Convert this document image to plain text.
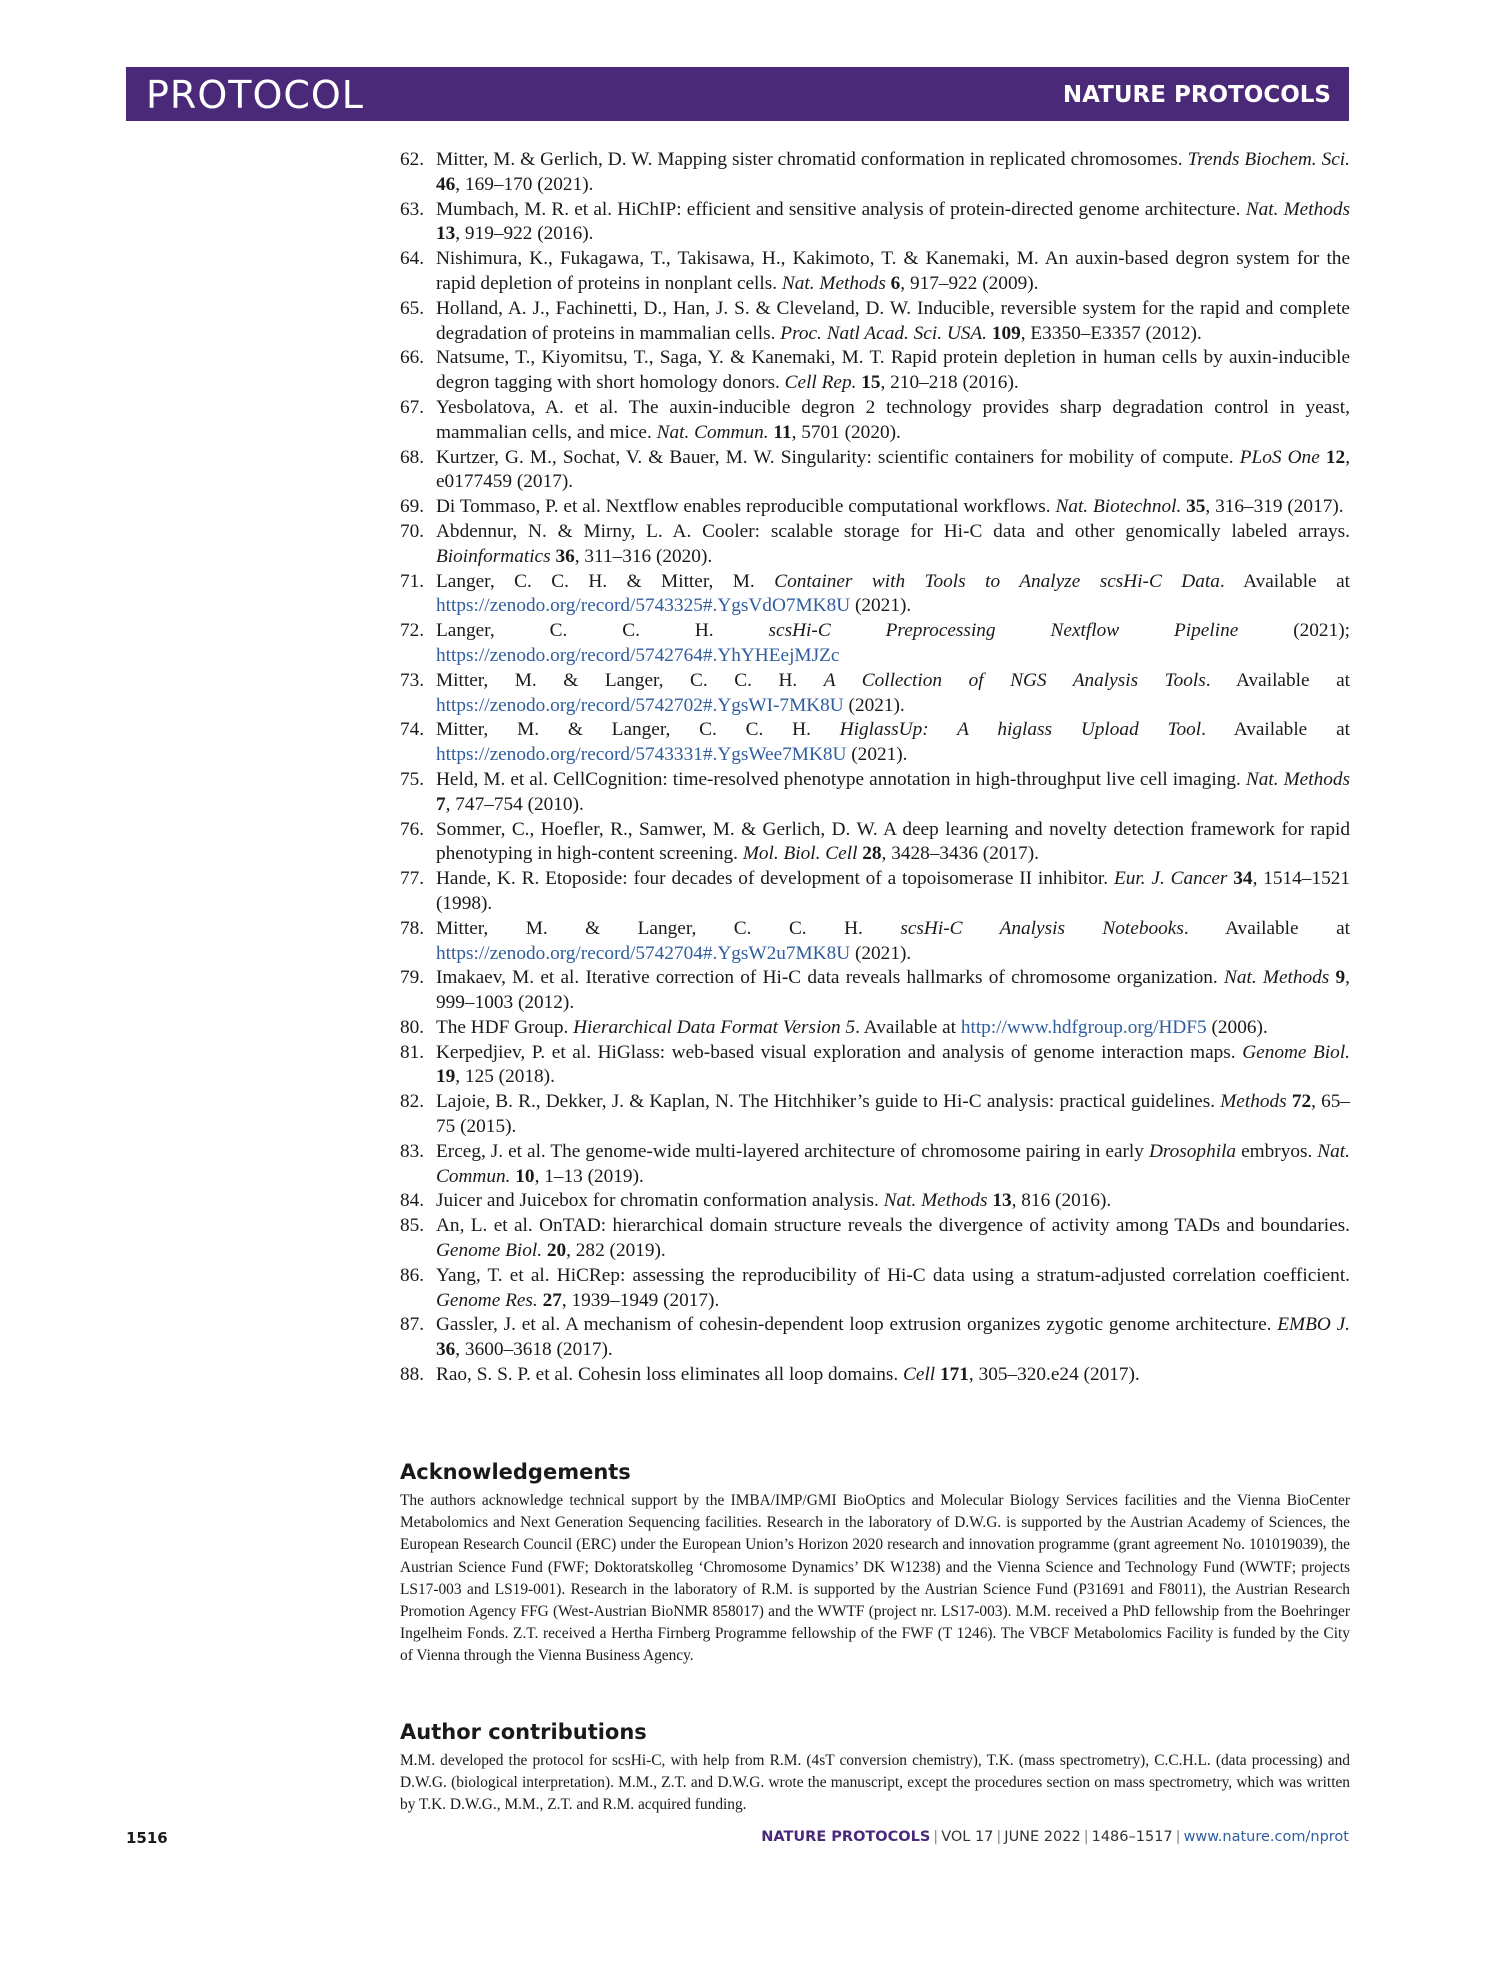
PROTOCOL	NATURE PROTOCOLS
62. Mitter, M. & Gerlich, D. W. Mapping sister chromatid conformation in replicated chromosomes. Trends Biochem. Sci. 46, 169–170 (2021).
63. Mumbach, M. R. et al. HiChIP: efficient and sensitive analysis of protein-directed genome architecture. Nat. Methods 13, 919–922 (2016).
64. Nishimura, K., Fukagawa, T., Takisawa, H., Kakimoto, T. & Kanemaki, M. An auxin-based degron system for the rapid depletion of proteins in nonplant cells. Nat. Methods 6, 917–922 (2009).
65. Holland, A. J., Fachinetti, D., Han, J. S. & Cleveland, D. W. Inducible, reversible system for the rapid and complete degradation of proteins in mammalian cells. Proc. Natl Acad. Sci. USA. 109, E3350–E3357 (2012).
66. Natsume, T., Kiyomitsu, T., Saga, Y. & Kanemaki, M. T. Rapid protein depletion in human cells by auxin-inducible degron tagging with short homology donors. Cell Rep. 15, 210–218 (2016).
67. Yesbolatova, A. et al. The auxin-inducible degron 2 technology provides sharp degradation control in yeast, mammalian cells, and mice. Nat. Commun. 11, 5701 (2020).
68. Kurtzer, G. M., Sochat, V. & Bauer, M. W. Singularity: scientific containers for mobility of compute. PLoS One 12, e0177459 (2017).
69. Di Tommaso, P. et al. Nextflow enables reproducible computational workflows. Nat. Biotechnol. 35, 316–319 (2017).
70. Abdennur, N. & Mirny, L. A. Cooler: scalable storage for Hi-C data and other genomically labeled arrays. Bioinformatics 36, 311–316 (2020).
71. Langer, C. C. H. & Mitter, M. Container with Tools to Analyze scsHi-C Data. Available at https://zenodo.org/record/5743325#.YgsVdO7MK8U (2021).
72. Langer, C. C. H. scsHi-C Preprocessing Nextflow Pipeline (2021); https://zenodo.org/record/5742764#.YhYHEejMJZc
73. Mitter, M. & Langer, C. C. H. A Collection of NGS Analysis Tools. Available at https://zenodo.org/record/5742702#.YgsWI-7MK8U (2021).
74. Mitter, M. & Langer, C. C. H. HiglassUp: A higlass Upload Tool. Available at https://zenodo.org/record/5743331#.YgsWee7MK8U (2021).
75. Held, M. et al. CellCognition: time-resolved phenotype annotation in high-throughput live cell imaging. Nat. Methods 7, 747–754 (2010).
76. Sommer, C., Hoefler, R., Samwer, M. & Gerlich, D. W. A deep learning and novelty detection framework for rapid phenotyping in high-content screening. Mol. Biol. Cell 28, 3428–3436 (2017).
77. Hande, K. R. Etoposide: four decades of development of a topoisomerase II inhibitor. Eur. J. Cancer 34, 1514–1521 (1998).
78. Mitter, M. & Langer, C. C. H. scsHi-C Analysis Notebooks. Available at https://zenodo.org/record/5742704#.YgsW2u7MK8U (2021).
79. Imakaev, M. et al. Iterative correction of Hi-C data reveals hallmarks of chromosome organization. Nat. Methods 9, 999–1003 (2012).
80. The HDF Group. Hierarchical Data Format Version 5. Available at http://www.hdfgroup.org/HDF5 (2006).
81. Kerpedjiev, P. et al. HiGlass: web-based visual exploration and analysis of genome interaction maps. Genome Biol. 19, 125 (2018).
82. Lajoie, B. R., Dekker, J. & Kaplan, N. The Hitchhiker’s guide to Hi-C analysis: practical guidelines. Methods 72, 65–75 (2015).
83. Erceg, J. et al. The genome-wide multi-layered architecture of chromosome pairing in early Drosophila embryos. Nat. Commun. 10, 1–13 (2019).
84. Juicer and Juicebox for chromatin conformation analysis. Nat. Methods 13, 816 (2016).
85. An, L. et al. OnTAD: hierarchical domain structure reveals the divergence of activity among TADs and boundaries. Genome Biol. 20, 282 (2019).
86. Yang, T. et al. HiCRep: assessing the reproducibility of Hi-C data using a stratum-adjusted correlation coefficient. Genome Res. 27, 1939–1949 (2017).
87. Gassler, J. et al. A mechanism of cohesin-dependent loop extrusion organizes zygotic genome architecture. EMBO J. 36, 3600–3618 (2017).
88. Rao, S. S. P. et al. Cohesin loss eliminates all loop domains. Cell 171, 305–320.e24 (2017).
Acknowledgements

The authors acknowledge technical support by the IMBA/IMP/GMI BioOptics and Molecular Biology Services facilities and the Vienna BioCenter Metabolomics and Next Generation Sequencing facilities. Research in the laboratory of D.W.G. is supported by the Austrian Academy of Sciences, the European Research Council (ERC) under the European Union’s Horizon 2020 research and innovation programme (grant agreement No. 101019039), the Austrian Science Fund (FWF; Doktoratskolleg ‘Chromosome Dynamics’ DK W1238) and the Vienna Science and Technology Fund (WWTF; projects LS17-003 and LS19-001). Research in the laboratory of R.M. is supported by the Austrian Science Fund (P31691 and F8011), the Austrian Research Promotion Agency FFG (West-Austrian BioNMR 858017) and the WWTF (project nr. LS17-003). M.M. received a PhD fellowship from the Boehringer Ingelheim Fonds. Z.T. received a Hertha Firnberg Programme fellowship of the FWF (T 1246). The VBCF Metabolomics Facility is funded by the City of Vienna through the Vienna Business Agency.

Author contributions

M.M. developed the protocol for scsHi-C, with help from R.M. (4sT conversion chemistry), T.K. (mass spectrometry), C.C.H.L. (data processing) and D.W.G. (biological interpretation). M.M., Z.T. and D.W.G. wrote the manuscript, except the procedures section on mass spectrometry, which was written by T.K. D.W.G., M.M., Z.T. and R.M. acquired funding.

1516	NATURE PROTOCOLS | VOL 17 | JUNE 2022 | 1486–1517 | www.nature.com/nprot
